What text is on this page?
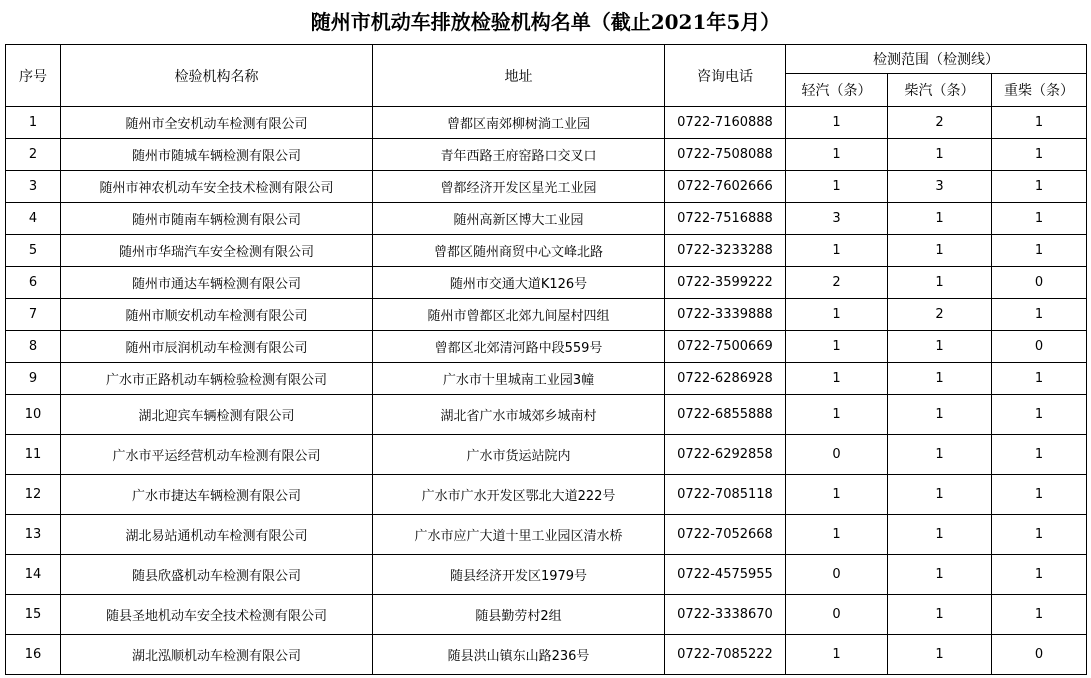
随州市机动车排放检验机构名单（截止2021年5月）
序号	检验机构名称	地址	咨询电话	检测范围（检测线）		
				轻汽（条）	柴汽（条）	重柴（条）
1	随州市全安机动车检测有限公司	曾都区南郊柳树淌工业园	0722-7160888	1	2	1
2	随州市随城车辆检测有限公司	青年西路王府窑路口交叉口	0722-7508088	1	1	1
3	随州市神农机动车安全技术检测有限公司	曾都经济开发区星光工业园	0722-7602666	1	3	1
4	随州市随南车辆检测有限公司	随州高新区博大工业园	0722-7516888	3	1	1
5	随州市华瑞汽车安全检测有限公司	曾都区随州商贸中心文峰北路	0722-3233288	1	1	1
6	随州市通达车辆检测有限公司	随州市交通大道K126号	0722-3599222	2	1	0
7	随州市顺安机动车检测有限公司	随州市曾都区北郊九间屋村四组	0722-3339888	1	2	1
8	随州市辰润机动车检测有限公司	曾都区北郊清河路中段559号	0722-7500669	1	1	0
9	广水市正路机动车辆检验检测有限公司	广水市十里城南工业园3幢	0722-6286928	1	1	1
10	湖北迎宾车辆检测有限公司	湖北省广水市城郊乡城南村	0722-6855888	1	1	1
11	广水市平运经营机动车检测有限公司	广水市货运站院内	0722-6292858	0	1	1
12	广水市捷达车辆检测有限公司	广水市广水开发区鄂北大道222号	0722-7085118	1	1	1
13	湖北易站通机动车检测有限公司	广水市应广大道十里工业园区清水桥	0722-7052668	1	1	1
14	随县欣盛机动车检测有限公司	随县经济开发区1979号	0722-4575955	0	1	1
15	随县圣地机动车安全技术检测有限公司	随县勤劳村2组	0722-3338670	0	1	1
16	湖北泓顺机动车检测有限公司	随县洪山镇东山路236号	0722-7085222	1	1	0
